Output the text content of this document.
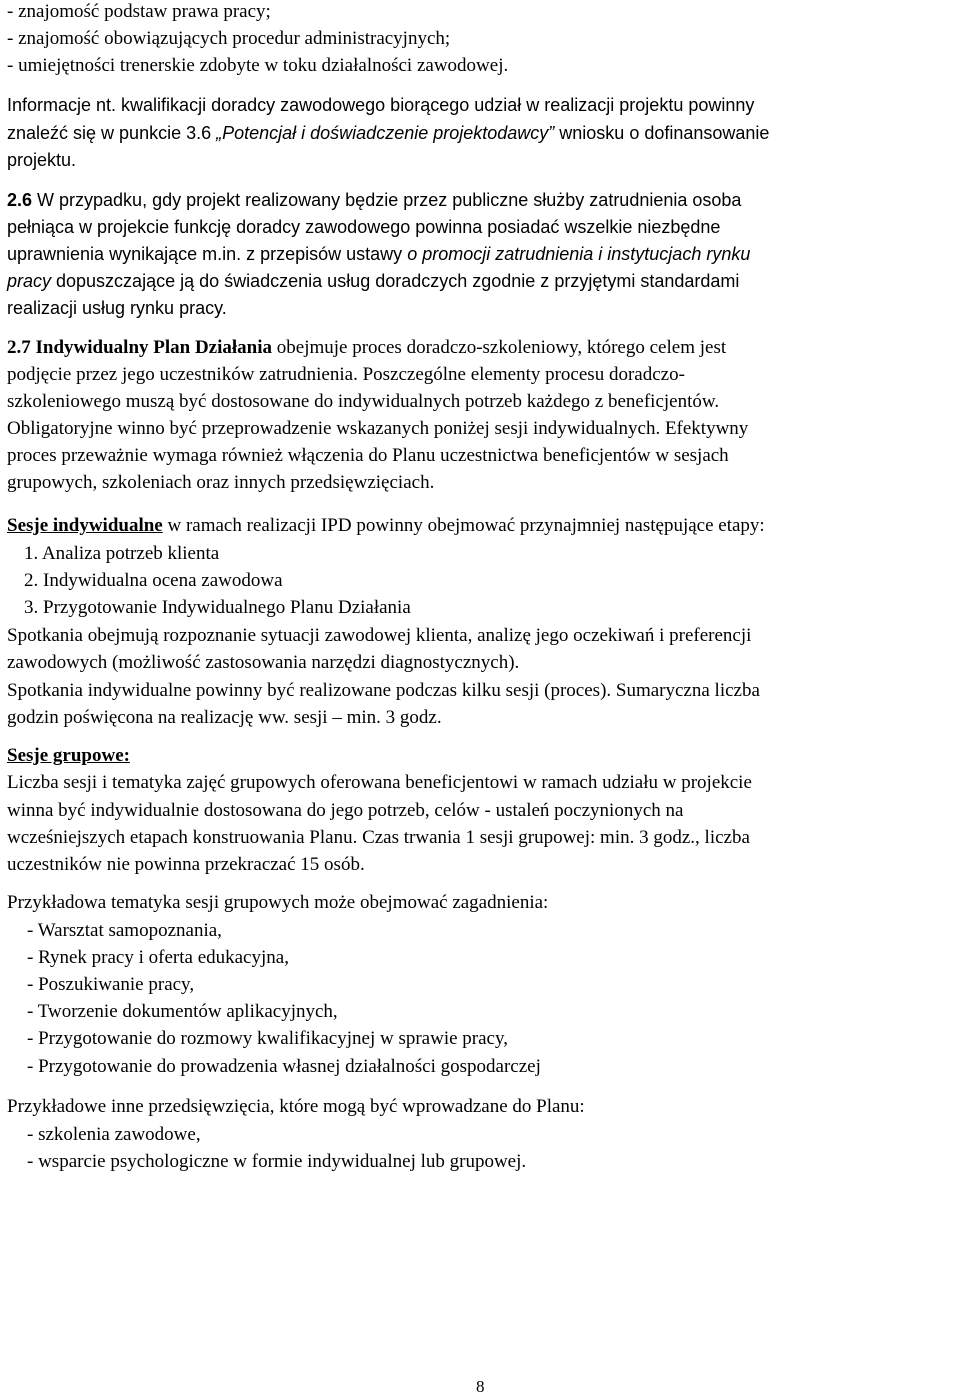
- znajomość podstaw prawa pracy;
- znajomość obowiązujących procedur administracyjnych;
- umiejętności trenerskie zdobyte w toku działalności zawodowej.
Informacje nt. kwalifikacji doradcy zawodowego biorącego udział w realizacji projektu powinny
znaleźć się w punkcie 3.6 „Potencjał i doświadczenie projektodawcy” wniosku o dofinansowanie
projektu.
2.6 W przypadku, gdy projekt realizowany będzie przez publiczne służby zatrudnienia osoba
pełniąca w projekcie funkcję doradcy zawodowego powinna posiadać wszelkie niezbędne
uprawnienia wynikające m.in. z przepisów ustawy o promocji zatrudnienia i instytucjach rynku
pracy dopuszczające ją do świadczenia usług doradczych zgodnie z przyjętymi standardami
realizacji usług rynku pracy.
2.7 Indywidualny Plan Działania obejmuje proces doradczo-szkoleniowy, którego celem jest
podjęcie przez jego uczestników zatrudnienia. Poszczególne elementy procesu doradczo-
szkoleniowego muszą być dostosowane do indywidualnych potrzeb każdego z beneficjentów.
Obligatoryjne winno być przeprowadzenie wskazanych poniżej sesji indywidualnych. Efektywny
proces przeważnie wymaga również włączenia do Planu uczestnictwa beneficjentów w sesjach
grupowych, szkoleniach oraz innych przedsięwzięciach.
Sesje indywidualne w ramach realizacji IPD powinny obejmować przynajmniej następujące etapy:
1. Analiza potrzeb klienta
2. Indywidualna ocena zawodowa
3. Przygotowanie Indywidualnego Planu Działania
Spotkania obejmują rozpoznanie sytuacji zawodowej klienta, analizę jego oczekiwań i preferencji
zawodowych (możliwość zastosowania narzędzi diagnostycznych).
Spotkania indywidualne powinny być realizowane podczas kilku sesji (proces). Sumaryczna liczba
godzin poświęcona na realizację ww. sesji – min. 3 godz.
Sesje grupowe:
Liczba sesji i tematyka zajęć grupowych oferowana beneficjentowi w ramach udziału w projekcie
winna być indywidualnie dostosowana do jego potrzeb, celów - ustaleń poczynionych na
wcześniejszych etapach konstruowania Planu. Czas trwania 1 sesji grupowej: min. 3 godz., liczba
uczestników nie powinna przekraczać 15 osób.
Przykładowa tematyka sesji grupowych może obejmować zagadnienia:
- Warsztat samopoznania,
- Rynek pracy i oferta edukacyjna,
- Poszukiwanie pracy,
- Tworzenie dokumentów aplikacyjnych,
- Przygotowanie do rozmowy kwalifikacyjnej w sprawie pracy,
- Przygotowanie do prowadzenia własnej działalności gospodarczej
Przykładowe inne przedsięwzięcia, które mogą być wprowadzane do Planu:
- szkolenia zawodowe,
- wsparcie psychologiczne w formie indywidualnej lub grupowej.
8
